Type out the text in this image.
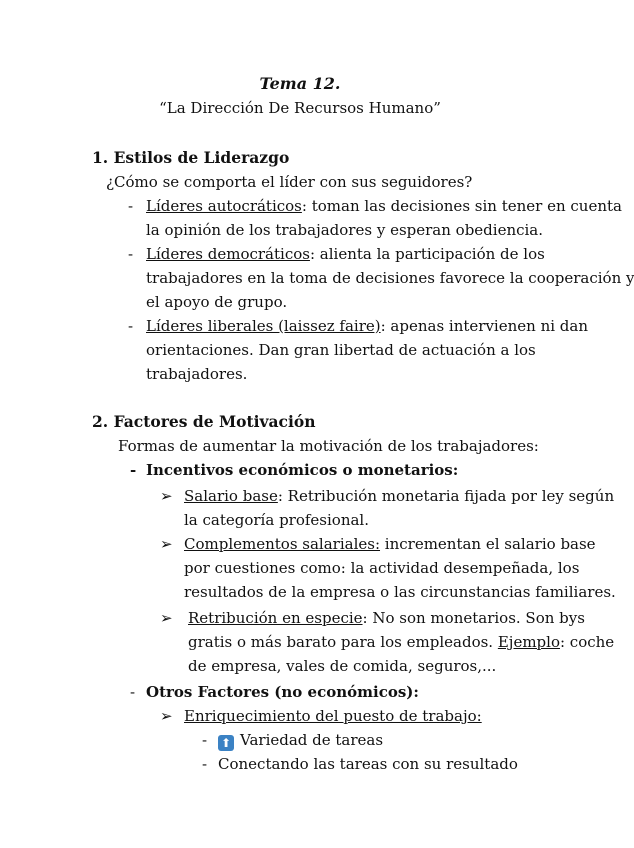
Tema 12.
“La Dirección De Recursos Humano”
1. Estilos de Liderazgo
¿Cómo se comporta el líder con sus seguidores?
- Líderes autocráticos: toman las decisiones sin tener en cuenta
la opinión de los trabajadores y esperan obediencia.
- Líderes democráticos: alienta la participación de los
trabajadores en la toma de decisiones favorece la cooperación y
el apoyo de grupo.
- Líderes liberales (laissez faire): apenas intervienen ni dan
orientaciones. Dan gran libertad de actuación a los
trabajadores.
2. Factores de Motivación
Formas de aumentar la motivación de los trabajadores:
- Incentivos económicos o monetarios:
➢ Salario base: Retribución monetaria fijada por ley según
la categoría profesional.
➢ Complementos salariales: incrementan el salario base
por cuestiones como: la actividad desempeñada, los
resultados de la empresa o las circunstancias familiares.
➢ Retribución en especie: No son monetarios. Son bys
gratis o más barato para los empleados. Ejemplo: coche
de empresa, vales de comida, seguros,...
- Otros Factores (no económicos):
➢ Enriquecimiento del puesto de trabajo:
- ⬆ Variedad de tareas
- Conectando las tareas con su resultado
